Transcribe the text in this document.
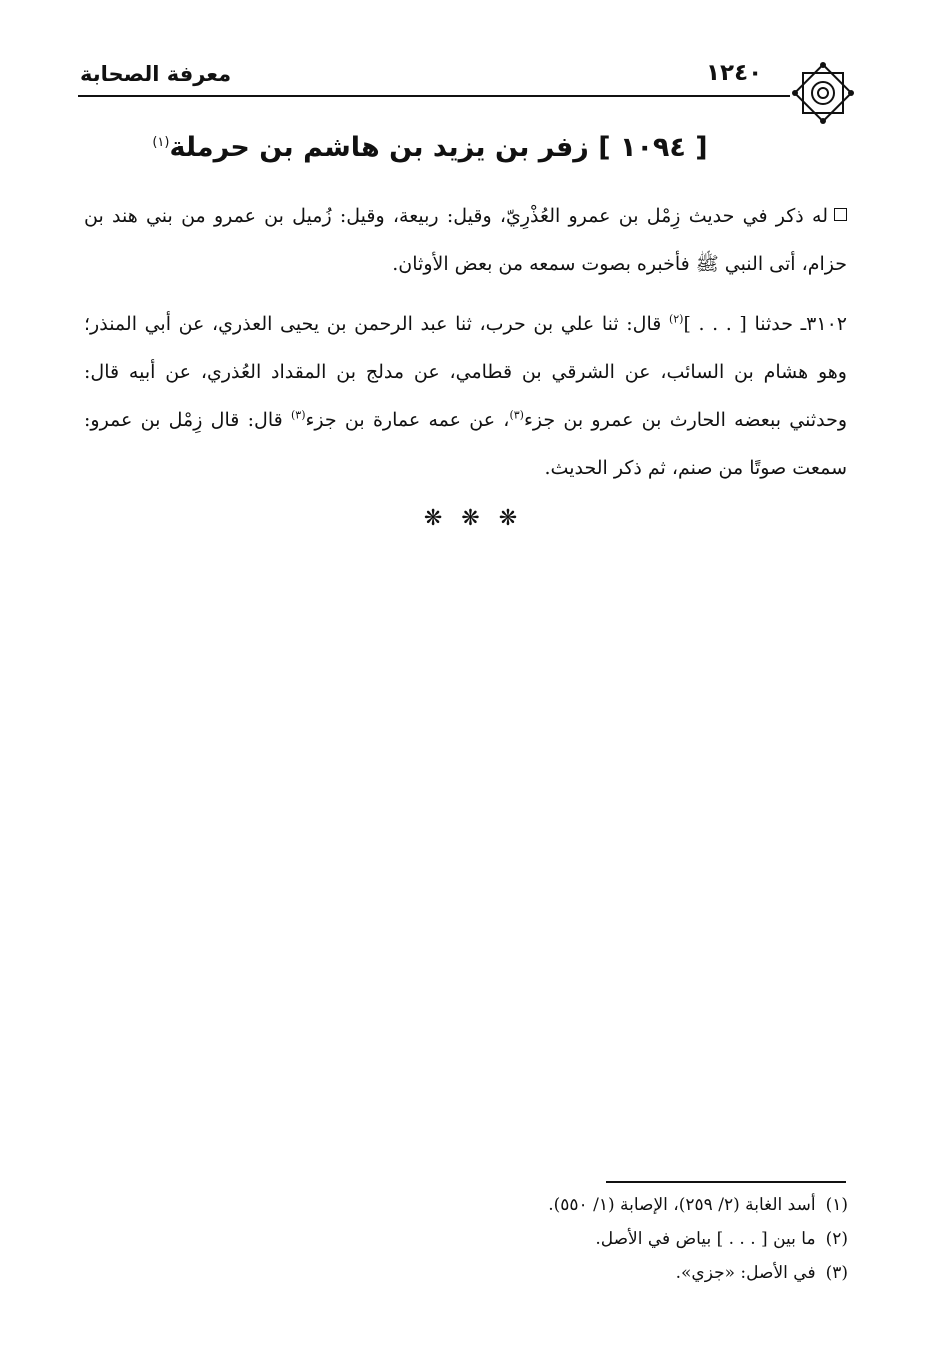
معرفة الصحابة	١٢٤٠
[ ١٠٩٤ ] زفر بن يزيد بن هاشم بن حرملة$^{(١)}$
له ذكر في حديث زِمْل بن عمرو العُذْرِيّ، وقيل: ربيعة، وقيل: زُميل بن عمرو من بني هند بن حزام، أتى النبي ﷺ فأخبره بصوت سمعه من بعض الأوثان.
٣١٠٢ـ حدثنا [ . . . ]$^{(٢)}$ قال: ثنا علي بن حرب، ثنا عبد الرحمن بن يحيى العذري، عن أبي المنذر؛ وهو هشام بن السائب، عن الشرقي بن قطامي، عن مدلج بن المقداد العُذري، عن أبيه قال: وحدثني ببعضه الحارث بن عمرو بن جزء$^{(٣)}$، عن عمه عمارة بن جزء$^{(٣)}$ قال: قال زِمْل بن عمرو: سمعت صوتًا من صنم، ثم ذكر الحديث.
❋ ❋ ❋
(١)أسد الغابة (٢/ ٢٥٩)، الإصابة (١/ ٥٥٠).
(٢)ما بين [ . . . ] بياض في الأصل.
(٣)في الأصل: «جزي».
